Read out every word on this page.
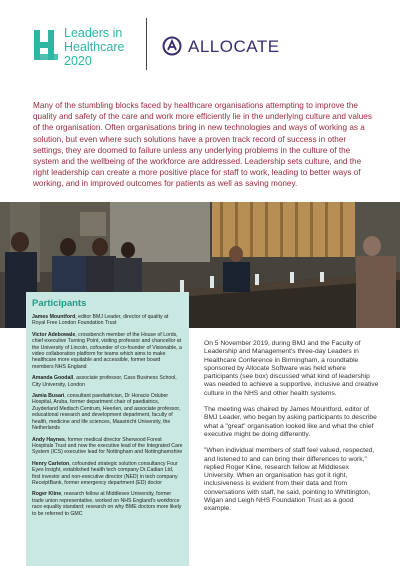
Leaders in
Healthcare
2020
ALLOCATE

Many of the stumbling blocks faced by healthcare organisations attempting to improve the quality and safety of the care and work more efficiently lie in the underlying culture and values of the organisation. Often organisations bring in new technologies and ways of working as a solution, but even where such solutions have a proven track record of success in other settings, they are doomed to failure unless any underlying problems in the culture of the system and the wellbeing of the workforce are addressed. Leadership sets culture, and the right leadership can create a more positive place for staff to work, leading to better ways of working, and in improved outcomes for patients as well as saving money.

Participants

James Mountford, editor BMJ Leader, director of quality at Royal Free London Foundation Trust

Victor Adebowale, crossbench member of the House of Lords, chief executive Turning Point, visiting professor and chancellor at the University of Lincoln, cofounder of co-founder of Visionable, a video collaboration platform for teams which aims to make healthcare more equitable and accessible, former board members NHS England

Amanda Goodall, associate professor, Cass Business School, City University, London

Jamia Busari, consultant paediatrician, Dr Horacio Oduber Hospital, Aruba, former department chair of paediatrics, Zuyderland Medisch Centrum, Heerlen, and associate professor, educational research and development department, faculty of health, medicine and life sciences, Maastricht University, the Netherlands

Andy Haynes, former medical director Sherwood Forest Hospitals Trust and now the executive lead of the Integrated Care System (ICS) executive lead for Nottingham and Nottinghamshire

Henry Carleton, cofounded strategic solution consultancy Four Eyes Insight, established health tech company Dr.Cadian Ltd, first investor and non-executive director (NED) in tech company ReceiptBank, former emergency department (ED) doctor

Roger Kline, research fellow at Middlesex University, former trade union representative, worked on NHS England's workforce race equality standard; research on why BME doctors more likely to be referred to GMC

On 5 November 2019, during BMJ and the Faculty of Leadership and Management's three-day Leaders in Healthcare Conference in Birmingham, a roundtable sponsored by Allocate Software was held where participants (see box) discussed what kind of leadership was needed to achieve a supportive, inclusive and creative culture in the NHS and other health systems.

The meeting was chaired by James Mountford, editor of BMJ Leader, who began by asking participants to describe what a "great" organisation looked like and what the chief executive might be doing differently.

"When individual members of staff feel valued, respected, and listened to and can bring their differences to work," replied Roger Kline, research fellow at Middlesex University. When an organisation has got it right, inclusiveness is evident from their data and from conversations with staff, he said, pointing to Whittington, Wigan and Leigh NHS Foundation Trust as a good example.
